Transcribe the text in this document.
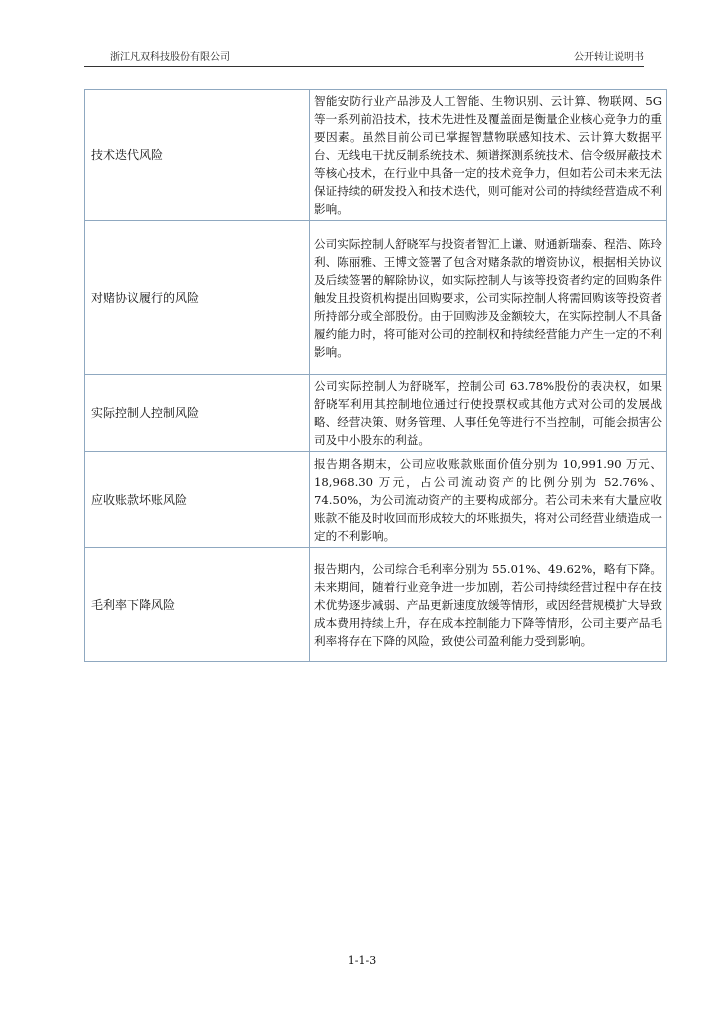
浙江凡双科技股份有限公司	公开转让说明书
技术迭代风险	智能安防行业产品涉及人工智能、生物识别、云计算、物联网、5G 等一系列前沿技术，技术先进性及覆盖面是衡量企业核心竞争力的重要因素。虽然目前公司已掌握智慧物联感知技术、云计算大数据平台、无线电干扰反制系统技术、频谱探测系统技术、信令级屏蔽技术等核心技术，在行业中具备一定的技术竞争力，但如若公司未来无法保证持续的研发投入和技术迭代，则可能对公司的持续经营造成不利影响。
对赌协议履行的风险	公司实际控制人舒晓军与投资者智汇上谦、财通新瑞泰、程浩、陈玲利、陈丽雅、王博文签署了包含对赌条款的增资协议，根据相关协议及后续签署的解除协议，如实际控制人与该等投资者约定的回购条件触发且投资机构提出回购要求，公司实际控制人将需回购该等投资者所持部分或全部股份。由于回购涉及金额较大，在实际控制人不具备履约能力时，将可能对公司的控制权和持续经营能力产生一定的不利影响。
实际控制人控制风险	公司实际控制人为舒晓军，控制公司 63.78%股份的表决权，如果舒晓军利用其控制地位通过行使投票权或其他方式对公司的发展战略、经营决策、财务管理、人事任免等进行不当控制，可能会损害公司及中小股东的利益。
应收账款坏账风险	报告期各期末，公司应收账款账面价值分别为 10,991.90 万元、18,968.30 万元，占公司流动资产的比例分别为 52.76%、74.50%，为公司流动资产的主要构成部分。若公司未来有大量应收账款不能及时收回而形成较大的坏账损失，将对公司经营业绩造成一定的不利影响。
毛利率下降风险	报告期内，公司综合毛利率分别为 55.01%、49.62%，略有下降。未来期间，随着行业竞争进一步加剧，若公司持续经营过程中存在技术优势逐步减弱、产品更新速度放缓等情形，或因经营规模扩大导致成本费用持续上升，存在成本控制能力下降等情形，公司主要产品毛利率将存在下降的风险，致使公司盈利能力受到影响。
1-1-3
